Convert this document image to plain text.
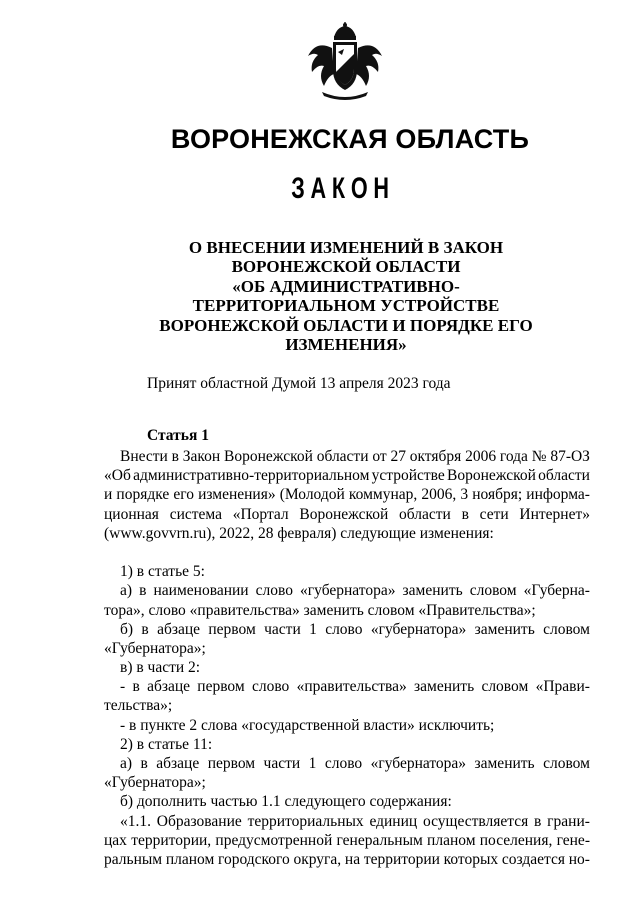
ВОРОНЕЖСКАЯ ОБЛАСТЬ
ЗАКОН
О ВНЕСЕНИИ ИЗМЕНЕНИЙ В ЗАКОН
ВОРОНЕЖСКОЙ ОБЛАСТИ
«ОБ АДМИНИСТРАТИВНО-
ТЕРРИТОРИАЛЬНОМ УСТРОЙСТВЕ
ВОРОНЕЖСКОЙ ОБЛАСТИ И ПОРЯДКЕ ЕГО
ИЗМЕНЕНИЯ»
Принят областной Думой 13 апреля 2023 года
Статья 1
Внести в Закон Воронежской области от 27 октября 2006 года № 87-ОЗ
«Об административно-территориальном устройстве Воронежской области
и порядке его изменения» (Молодой коммунар, 2006, 3 ноября; информа-
ционная система «Портал Воронежской области в сети Интернет»
(www.govvrn.ru), 2022, 28 февраля) следующие изменения:
1) в статье 5:
а) в наименовании слово «губернатора» заменить словом «Губерна-
тора», слово «правительства» заменить словом «Правительства»;
б) в абзаце первом части 1 слово «губернатора» заменить словом
«Губернатора»;
в) в части 2:
- в абзаце первом слово «правительства» заменить словом «Прави-
тельства»;
- в пункте 2 слова «государственной власти» исключить;
2) в статье 11:
а) в абзаце первом части 1 слово «губернатора» заменить словом
«Губернатора»;
б) дополнить частью 1.1 следующего содержания:
«1.1. Образование территориальных единиц осуществляется в грани-
цах территории, предусмотренной генеральным планом поселения, гене-
ральным планом городского округа, на территории которых создается но-
